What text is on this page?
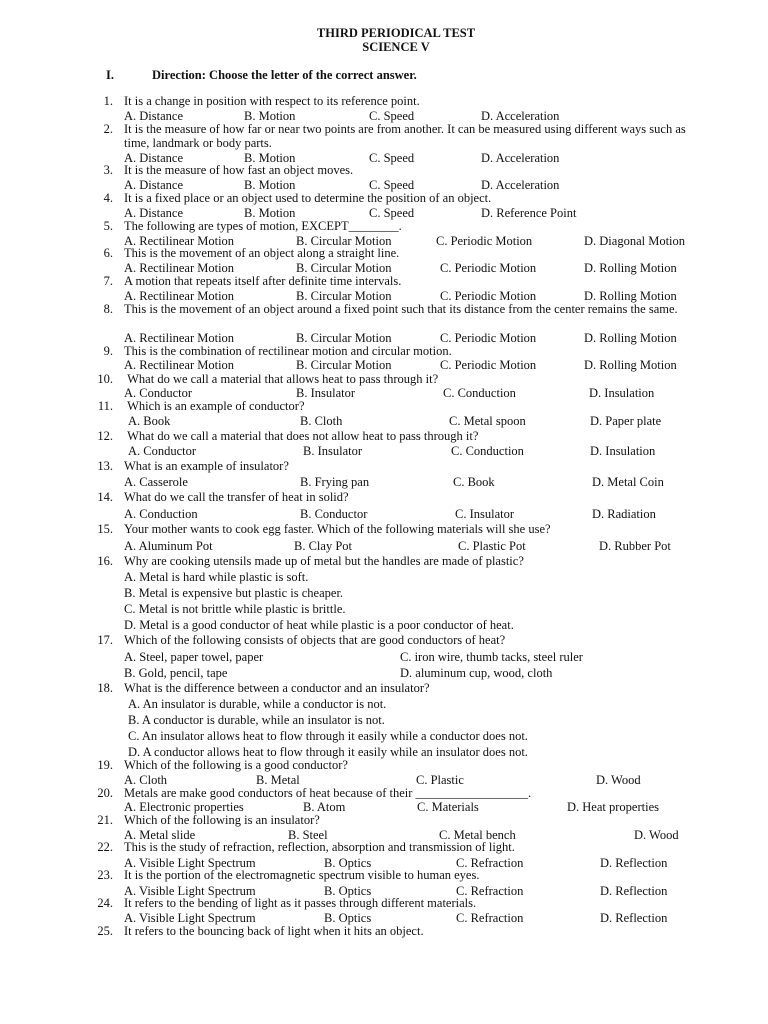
THIRD PERIODICAL TEST
SCIENCE V
I.	Direction: Choose the letter of the correct answer.
1. It is a change in position with respect to its reference point.
A. Distance	B. Motion	C. Speed	D. Acceleration
2. It is the measure of how far or near two points are from another. It can be measured using different ways such as time, landmark or body parts.
A. Distance	B. Motion	C. Speed	D. Acceleration
3. It is the measure of how fast an object moves.
A. Distance	B. Motion	C. Speed	D. Acceleration
4. It is a fixed place or an object used to determine the position of an object.
A. Distance	B. Motion	C. Speed	D. Reference Point
5. The following are types of motion, EXCEPT________.
A. Rectilinear Motion	B. Circular Motion	C. Periodic Motion	D. Diagonal Motion
6. This is the movement of an object along a straight line.
A. Rectilinear Motion	B. Circular Motion	C. Periodic Motion	D. Rolling Motion
7. A motion that repeats itself after definite time intervals.
A. Rectilinear Motion	B. Circular Motion	C. Periodic Motion	D. Rolling Motion
8. This is the movement of an object around a fixed point such that its distance from the center remains the same.
A. Rectilinear Motion	B. Circular Motion	C. Periodic Motion	D. Rolling Motion
9. This is the combination of rectilinear motion and circular motion.
A. Rectilinear Motion	B. Circular Motion	C. Periodic Motion	D. Rolling Motion
10. What do we call a material that allows heat to pass through it?
A. Conductor	B. Insulator	C. Conduction	D. Insulation
11. Which is an example of conductor?
A. Book	B. Cloth	C. Metal spoon	D. Paper plate
12. What do we call a material that does not allow heat to pass through it?
A. Conductor	B. Insulator	C. Conduction	D. Insulation
13. What is an example of insulator?
A. Casserole	B. Frying pan	C. Book	D. Metal Coin
14. What do we call the transfer of heat in solid?
A. Conduction	B. Conductor	C. Insulator	D. Radiation
15. Your mother wants to cook egg faster. Which of the following materials will she use?
A. Aluminum Pot	B. Clay Pot	C. Plastic Pot	D. Rubber Pot
16. Why are cooking utensils made up of metal but the handles are made of plastic?
A. Metal is hard while plastic is soft.
B. Metal is expensive but plastic is cheaper.
C. Metal is not brittle while plastic is brittle.
D. Metal is a good conductor of heat while plastic is a poor conductor of heat.
17. Which of the following consists of objects that are good conductors of heat?
A. Steel, paper towel, paper	C. iron wire, thumb tacks, steel ruler
B. Gold, pencil, tape	D. aluminum cup, wood, cloth
18. What is the difference between a conductor and an insulator?
A. An insulator is durable, while a conductor is not.
B. A conductor is durable, while an insulator is not.
C. An insulator allows heat to flow through it easily while a conductor does not.
D. A conductor allows heat to flow through it easily while an insulator does not.
19. Which of the following is a good conductor?
A. Cloth	B. Metal	C. Plastic	D. Wood
20. Metals are make good conductors of heat because of their __________________.
A. Electronic properties	B. Atom	C. Materials	D. Heat properties
21. Which of the following is an insulator?
A. Metal slide	B. Steel	C. Metal bench	D. Wood
22. This is the study of refraction, reflection, absorption and transmission of light.
A. Visible Light Spectrum	B. Optics	C. Refraction	D. Reflection
23. It is the portion of the electromagnetic spectrum visible to human eyes.
A. Visible Light Spectrum	B. Optics	C. Refraction	D. Reflection
24. It refers to the bending of light as it passes through different materials.
A. Visible Light Spectrum	B. Optics	C. Refraction	D. Reflection
25. It refers to the bouncing back of light when it hits an object.
